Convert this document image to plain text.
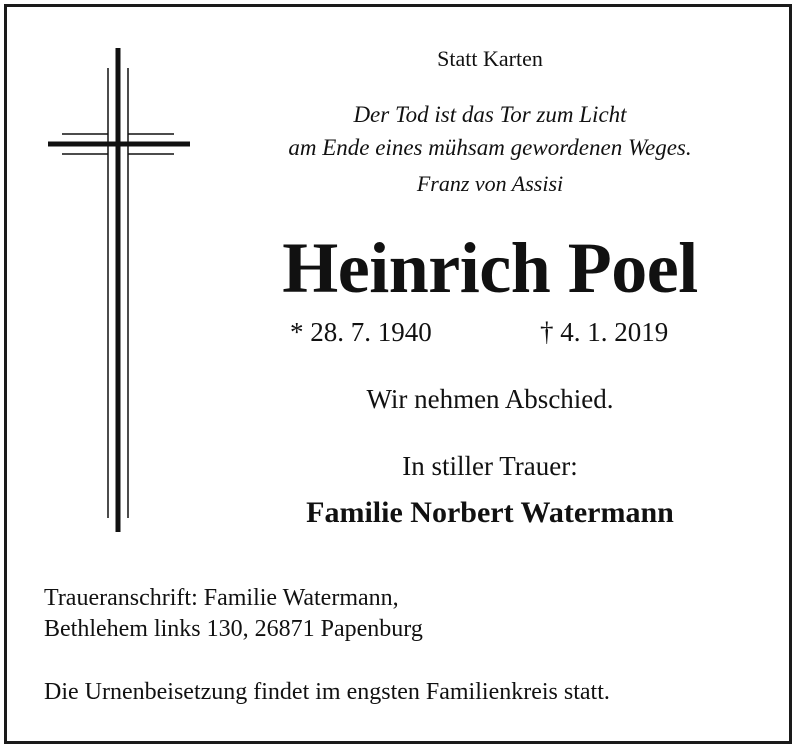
Statt Karten
Der Tod ist das Tor zum Licht
am Ende eines mühsam gewordenen Weges.
Franz von Assisi
Heinrich Poel
* 28. 7. 1940	† 4. 1. 2019
Wir nehmen Abschied.
In stiller Trauer:
Familie Norbert Watermann
Traueranschrift: Familie Watermann,
Bethlehem links 130, 26871 Papenburg
Die Urnenbeisetzung findet im engsten Familienkreis statt.
